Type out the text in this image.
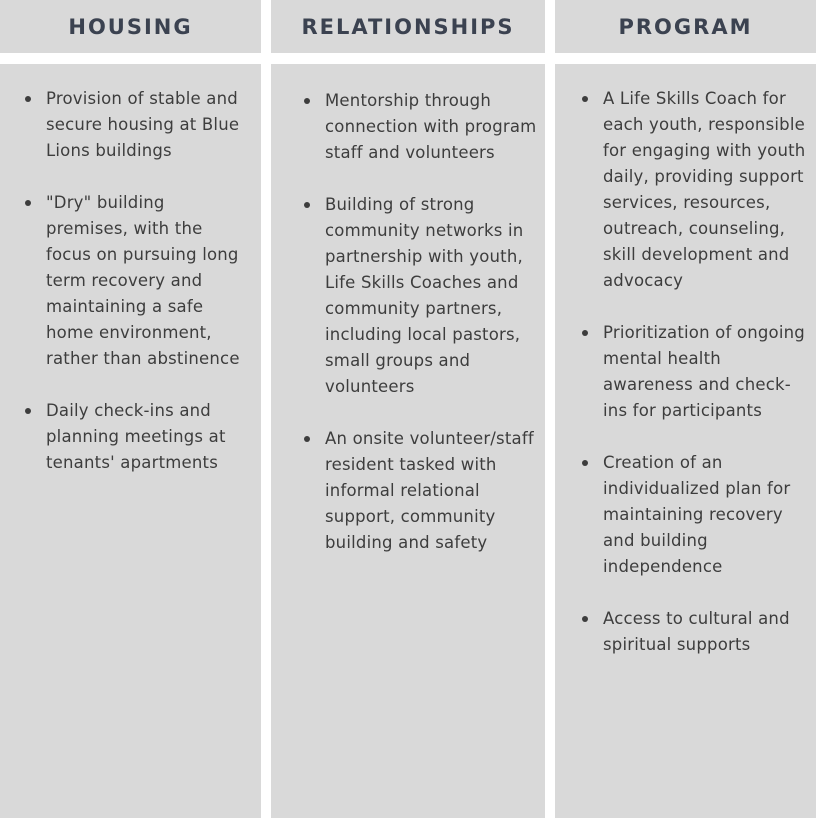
HOUSING
Provision of stable and secure housing at Blue Lions buildings
"Dry" building premises, with the focus on pursuing long term recovery and maintaining a safe home environment, rather than abstinence
Daily check-ins and planning meetings at tenants' apartments
RELATIONSHIPS
Mentorship through connection with program staff and volunteers
Building of strong community networks in partnership with youth, Life Skills Coaches and community partners, including local pastors, small groups and volunteers
An onsite volunteer/staff resident tasked with informal relational support, community building and safety
PROGRAM
A Life Skills Coach for each youth, responsible for engaging with youth daily, providing support services, resources, outreach, counseling, skill development and advocacy
Prioritization of ongoing mental health awareness and check-ins for participants
Creation of an individualized plan for maintaining recovery and building independence
Access to cultural and spiritual supports
